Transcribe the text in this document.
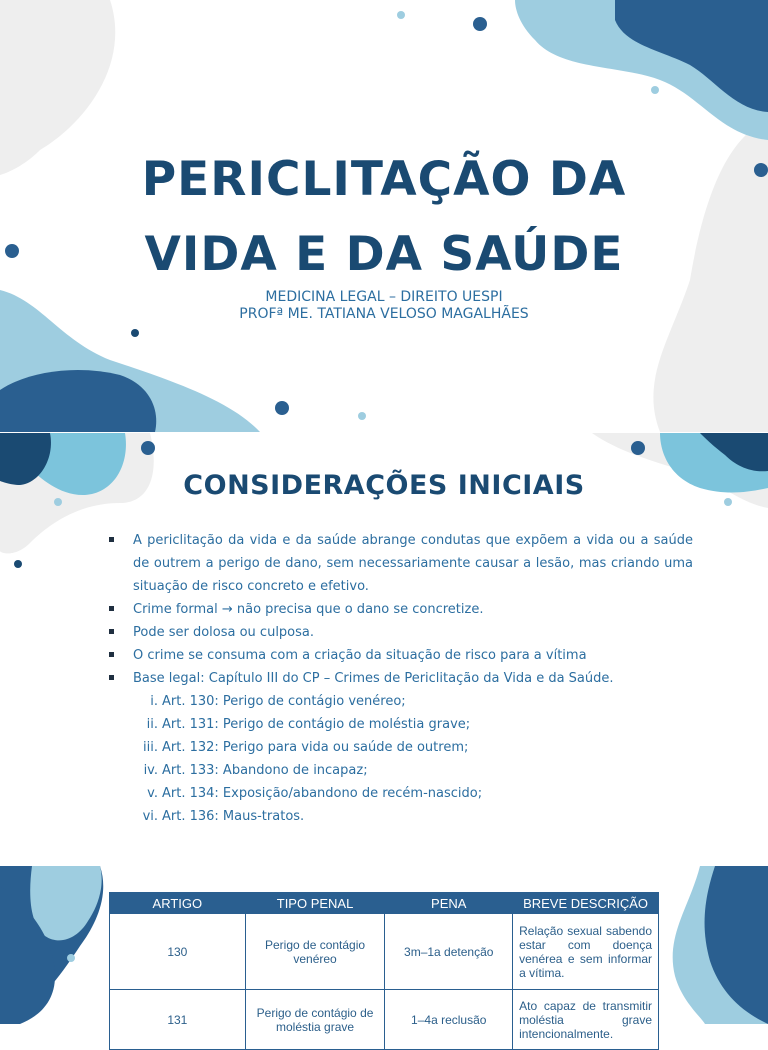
PERICLITAÇÃO DA
VIDA E DA SAÚDE
MEDICINA LEGAL – DIREITO UESPI
PROFª ME. TATIANA VELOSO MAGALHÃES
CONSIDERAÇÕES INICIAIS
A periclitação da vida e da saúde abrange condutas que expõem a vida ou a saúde de outrem a perigo de dano, sem necessariamente causar a lesão, mas criando uma situação de risco concreto e efetivo.
Crime formal → não precisa que o dano se concretize.
Pode ser dolosa ou culposa.
O crime se consuma com a criação da situação de risco para a vítima
Base legal: Capítulo III do CP – Crimes de Periclitação da Vida e da Saúde.
i. Art. 130: Perigo de contágio venéreo;
ii. Art. 131: Perigo de contágio de moléstia grave;
iii. Art. 132: Perigo para vida ou saúde de outrem;
iv. Art. 133: Abandono de incapaz;
v. Art. 134: Exposição/abandono de recém-nascido;
vi. Art. 136: Maus-tratos.
ARTIGO	TIPO PENAL	PENA	BREVE DESCRIÇÃO
130	Perigo de contágio venéreo	3m–1a detenção	Relação sexual sabendo estar com doença venérea e sem informar a vítima.
131	Perigo de contágio de moléstia grave	1–4a reclusão	Ato capaz de transmitir moléstia grave intencionalmente.
